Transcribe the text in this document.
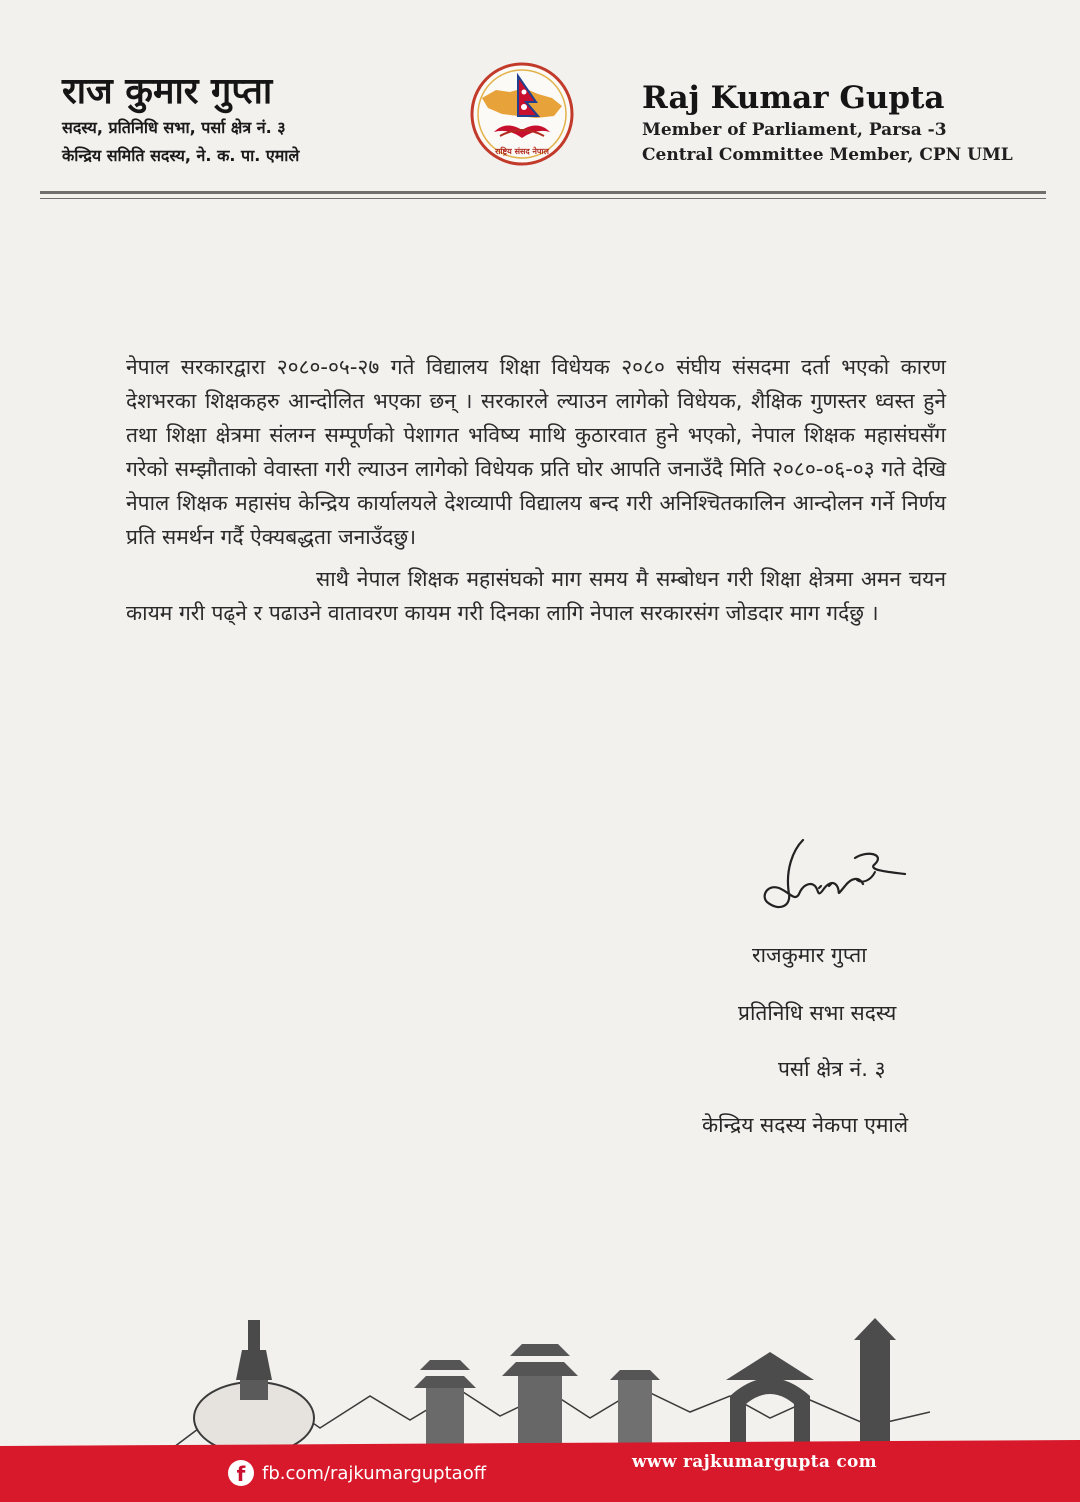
राज कुमार गुप्ता
सदस्य, प्रतिनिधि सभा, पर्सा क्षेत्र नं. ३
केन्द्रिय समिति सदस्य, ने. क. पा. एमाले	राष्ट्रिय संसद नेपाल
Raj Kumar Gupta
Member of Parliament, Parsa -3
Central Committee Member, CPN UML

नेपाल सरकारद्वारा २०८०-०५-२७ गते विद्यालय शिक्षा विधेयक २०८० संघीय संसदमा दर्ता भएको कारण देशभरका शिक्षकहरु आन्दोलित भएका छन् । सरकारले ल्याउन लागेको विधेयक, शैक्षिक गुणस्तर ध्वस्त हुने तथा शिक्षा क्षेत्रमा संलग्न सम्पूर्णको पेशागत भविष्य माथि कुठारवात हुने भएको, नेपाल शिक्षक महासंघसँग गरेको सम्झौताको वेवास्ता गरी ल्याउन लागेको विधेयक प्रति घोर आपति जनाउँदै मिति २०८०-०६-०३ गते देखि नेपाल शिक्षक महासंघ केन्द्रिय कार्यालयले देशव्यापी विद्यालय बन्द गरी अनिश्चितकालिन आन्दोलन गर्ने निर्णय प्रति समर्थन गर्दै ऐक्यबद्धता जनाउँदछु।

साथै नेपाल शिक्षक महासंघको माग समय मै सम्बोधन गरी शिक्षा क्षेत्रमा अमन चयन कायम गरी पढ्ने र पढाउने वातावरण कायम गरी दिनका लागि नेपाल सरकारसंग जोडदार माग गर्दछु ।

राजकुमार गुप्ता
प्रतिनिधि सभा सदस्य
पर्सा क्षेत्र नं. ३
केन्द्रिय सदस्य नेकपा एमाले
f fb.com/rajkumarguptaoff
www rajkumargupta com
